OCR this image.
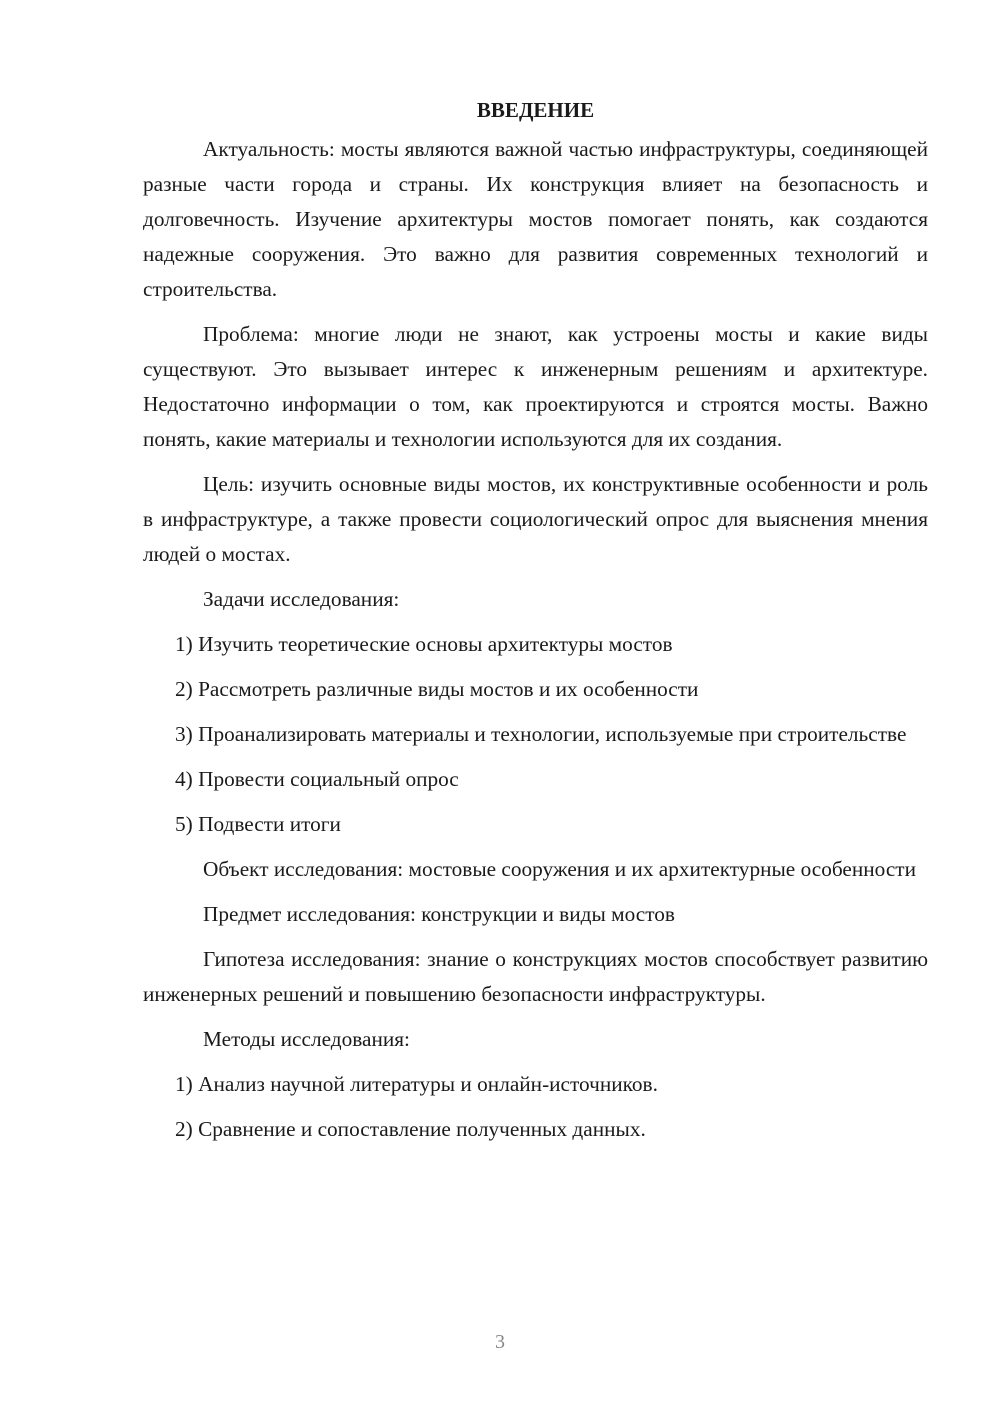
ВВЕДЕНИЕ

Актуальность: мосты являются важной частью инфраструктуры, соединяющей разные части города и страны. Их конструкция влияет на безопасность и долговечность. Изучение архитектуры мостов помогает понять, как создаются надежные сооружения. Это важно для развития современных технологий и строительства.

Проблема: многие люди не знают, как устроены мосты и какие виды существуют. Это вызывает интерес к инженерным решениям и архитектуре. Недостаточно информации о том, как проектируются и строятся мосты. Важно понять, какие материалы и технологии используются для их создания.

Цель: изучить основные виды мостов, их конструктивные особенности и роль в инфраструктуре, а также провести социологический опрос для выяснения мнения людей о мостах.

Задачи исследования:

1) Изучить теоретические основы архитектуры мостов

2) Рассмотреть различные виды мостов и их особенности

3) Проанализировать материалы и технологии, используемые при строительстве

4) Провести социальный опрос

5) Подвести итоги

Объект исследования: мостовые сооружения и их архитектурные особенности

Предмет исследования: конструкции и виды мостов

Гипотеза исследования: знание о конструкциях мостов способствует развитию инженерных решений и повышению безопасности инфраструктуры.

Методы исследования:

1) Анализ научной литературы и онлайн-источников.

2) Сравнение и сопоставление полученных данных.

3
